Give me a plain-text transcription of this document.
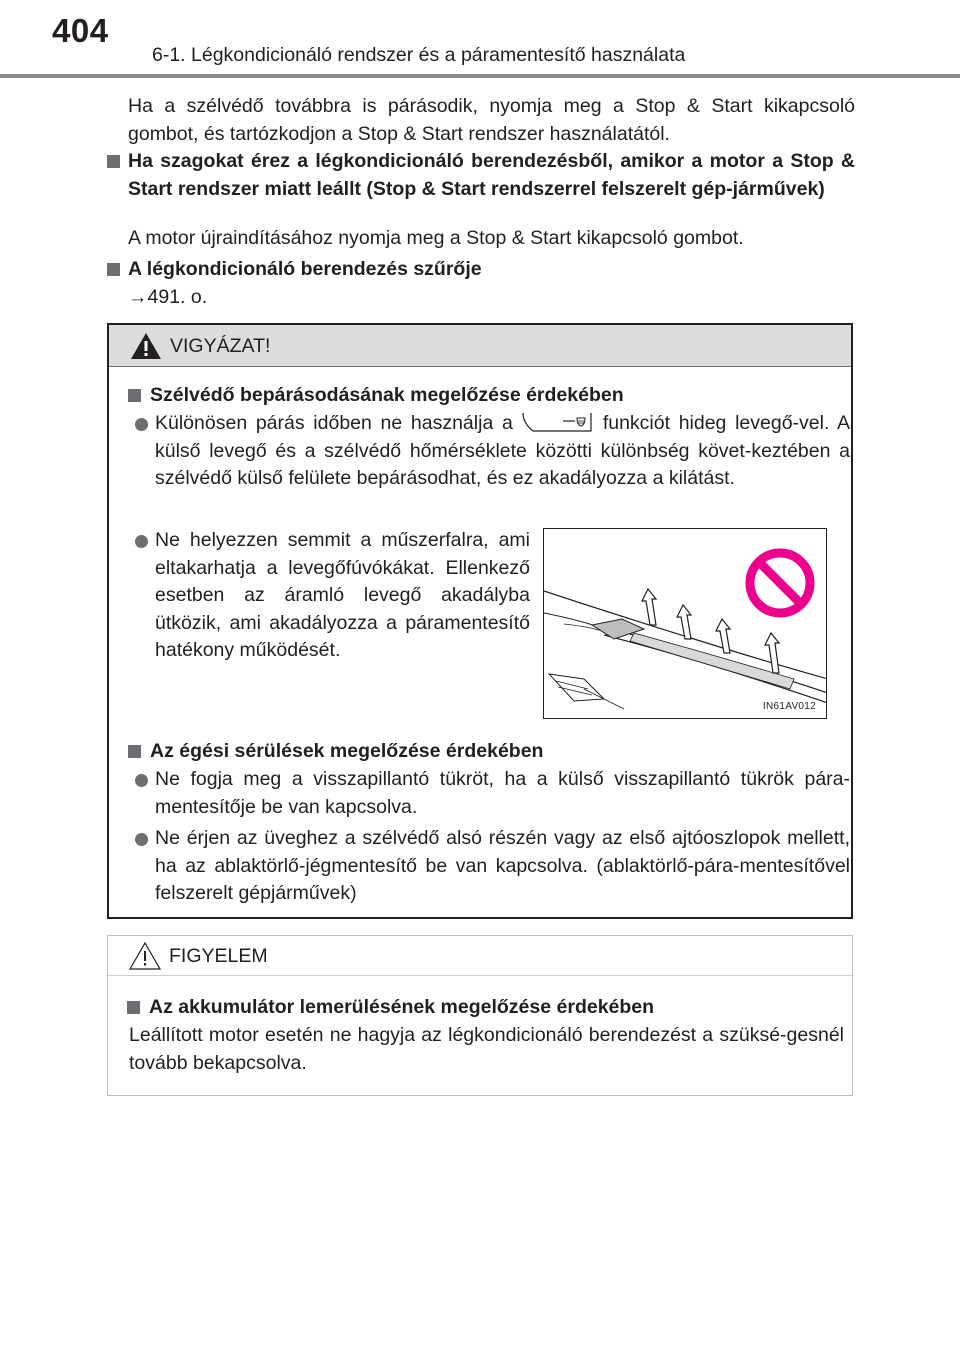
404
6-1. Légkondicionáló rendszer és a páramentesítő használata

Ha a szélvédő továbbra is párásodik, nyomja meg a Stop & Start kikapcsoló gombot, és tartózkodjon a Stop & Start rendszer használatától.

Ha szagokat érez a légkondicionáló berendezésből, amikor a motor a Stop & Start rendszer miatt leállt (Stop & Start rendszerrel felszerelt gép-járművek)

A motor újraindításához nyomja meg a Stop & Start kikapcsoló gombot.

A légkondicionáló berendezés szűrője

→491. o.

VIGYÁZAT!
Szélvédő bepárásodásának megelőzése érdekében
Különösen párás időben ne használja a	funkciót hideg levegő-vel. A külső levegő és a szélvédő hőmérséklete közötti különbség követ-keztében a szélvédő külső felülete bepárásodhat, és ez akadályozza a kilátást.
Ne helyezzen semmit a műszerfalra, ami eltakarhatja a levegőfúvókákat. Ellenkező esetben az áramló levegő akadályba ütközik, ami akadályozza a páramentesítő hatékony működését.
Az égési sérülések megelőzése érdekében
Ne fogja meg a visszapillantó tükröt, ha a külső visszapillantó tükrök pára-mentesítője be van kapcsolva.
Ne érjen az üveghez a szélvédő alsó részén vagy az első ajtóoszlopok mellett, ha az ablaktörlő-jégmentesítő be van kapcsolva. (ablaktörlő-pára-mentesítővel felszerelt gépjárművek)
IN61AV012
FIGYELEM
Az akkumulátor lemerülésének megelőzése érdekében

Leállított motor esetén ne hagyja az légkondicionáló berendezést a szüksé-gesnél tovább bekapcsolva.
